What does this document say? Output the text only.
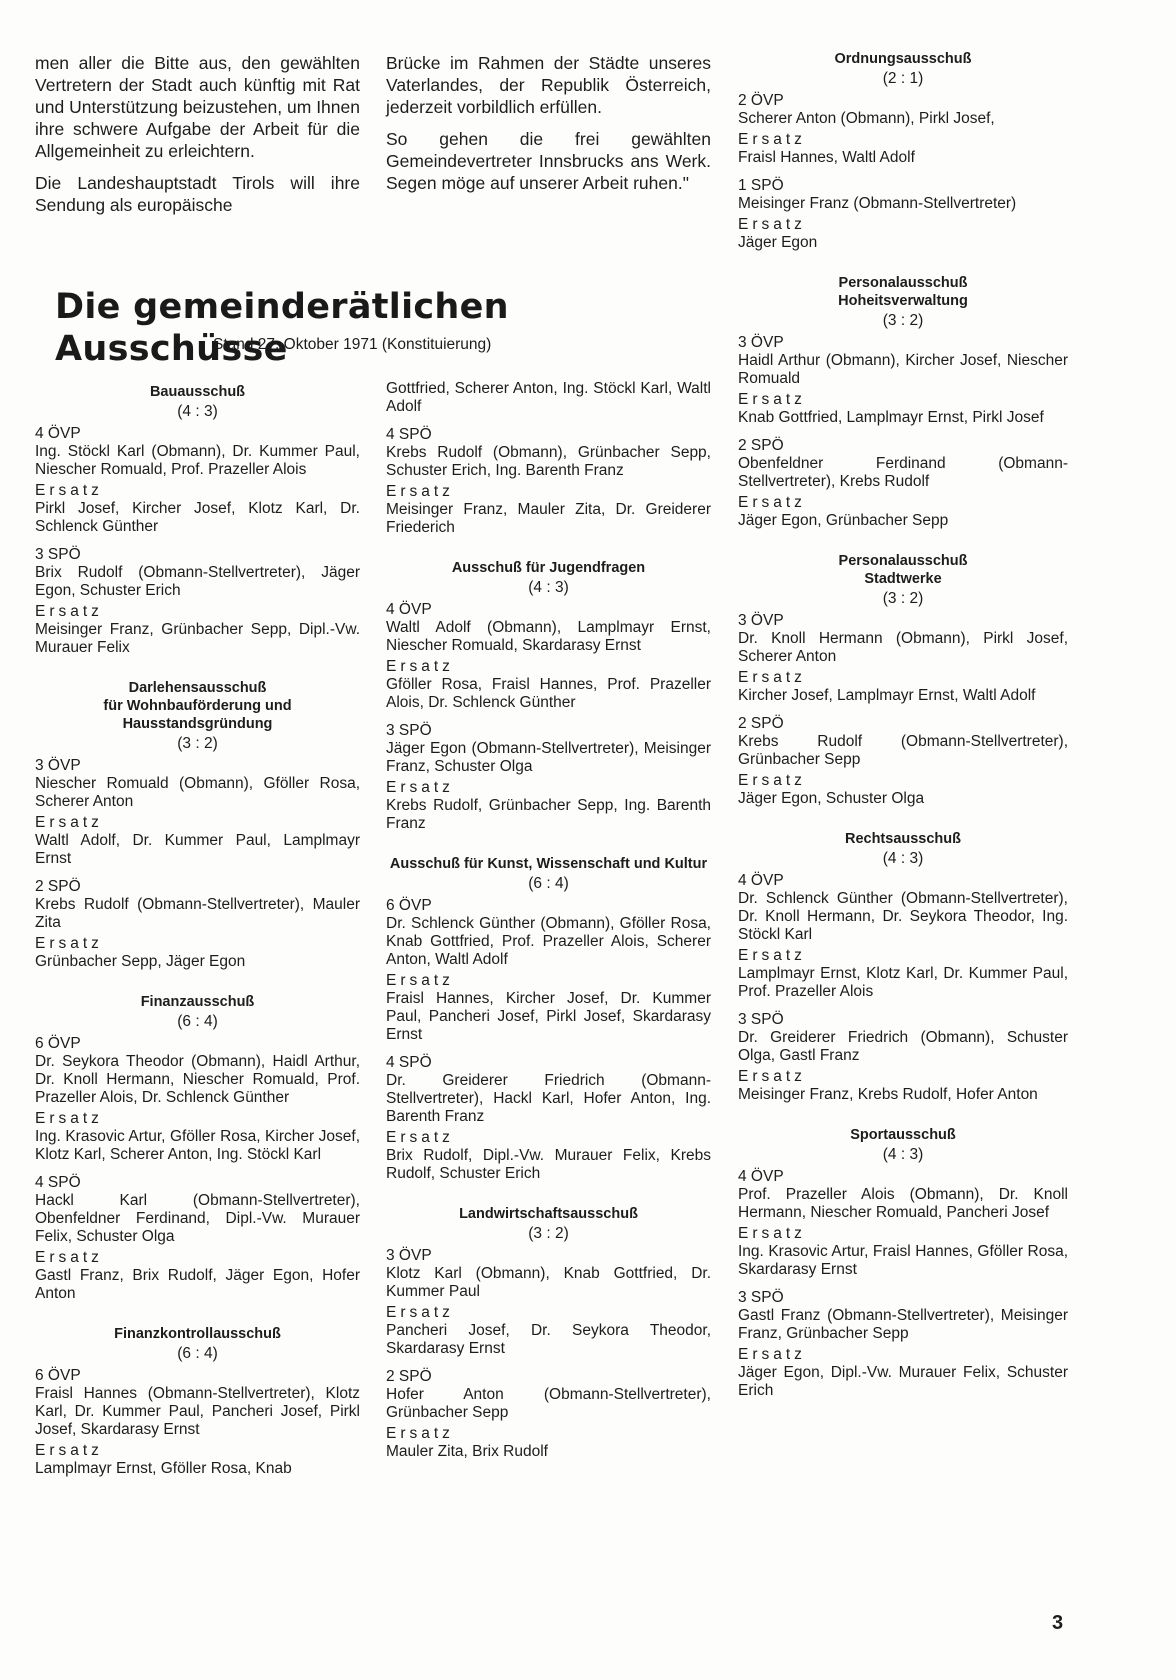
men aller die Bitte aus, den gewählten Vertretern der Stadt auch künftig mit Rat und Unterstützung beizustehen, um Ihnen ihre schwere Aufgabe der Arbeit für die Allgemeinheit zu erleichtern.

Die Landeshauptstadt Tirols will ihre Sendung als europäische

Brücke im Rahmen der Städte unseres Vaterlandes, der Republik Österreich, jederzeit vorbildlich erfüllen.

So gehen die frei gewählten Gemeindevertreter Innsbrucks ans Werk. Segen möge auf unserer Arbeit ruhen."

Die gemeinderätlichen Ausschüsse
Stand 27. Oktober 1971 (Konstituierung)
Bauausschuß
(4 : 3)
4 ÖVP
Ing. Stöckl Karl (Obmann), Dr. Kummer Paul, Niescher Romuald, Prof. Prazeller Alois
Ersatz
Pirkl Josef, Kircher Josef, Klotz Karl, Dr. Schlenck Günther
3 SPÖ
Brix Rudolf (Obmann-Stellvertreter), Jäger Egon, Schuster Erich
Ersatz
Meisinger Franz, Grünbacher Sepp, Dipl.-Vw. Murauer Felix
Darlehensausschuß
für Wohnbauförderung und Hausstandsgründung
(3 : 2)
3 ÖVP
Niescher Romuald (Obmann), Gföller Rosa, Scherer Anton
Ersatz
Waltl Adolf, Dr. Kummer Paul, Lamplmayr Ernst
2 SPÖ
Krebs Rudolf (Obmann-Stellvertreter), Mauler Zita
Ersatz
Grünbacher Sepp, Jäger Egon
Finanzausschuß
(6 : 4)
6 ÖVP
Dr. Seykora Theodor (Obmann), Haidl Arthur, Dr. Knoll Hermann, Niescher Romuald, Prof. Prazeller Alois, Dr. Schlenck Günther
Ersatz
Ing. Krasovic Artur, Gföller Rosa, Kircher Josef, Klotz Karl, Scherer Anton, Ing. Stöckl Karl
4 SPÖ
Hackl Karl (Obmann-Stellvertreter), Obenfeldner Ferdinand, Dipl.-Vw. Murauer Felix, Schuster Olga
Ersatz
Gastl Franz, Brix Rudolf, Jäger Egon, Hofer Anton
Finanzkontrollausschuß
(6 : 4)
6 ÖVP
Fraisl Hannes (Obmann-Stellvertreter), Klotz Karl, Dr. Kummer Paul, Pancheri Josef, Pirkl Josef, Skardarasy Ernst
Ersatz
Lamplmayr Ernst, Gföller Rosa, Knab
Gottfried, Scherer Anton, Ing. Stöckl Karl, Waltl Adolf
4 SPÖ
Krebs Rudolf (Obmann), Grünbacher Sepp, Schuster Erich, Ing. Barenth Franz
Ersatz
Meisinger Franz, Mauler Zita, Dr. Greiderer Friederich
Ausschuß für Jugendfragen
(4 : 3)
4 ÖVP
Waltl Adolf (Obmann), Lamplmayr Ernst, Niescher Romuald, Skardarasy Ernst
Ersatz
Gföller Rosa, Fraisl Hannes, Prof. Prazeller Alois, Dr. Schlenck Günther
3 SPÖ
Jäger Egon (Obmann-Stellvertreter), Meisinger Franz, Schuster Olga
Ersatz
Krebs Rudolf, Grünbacher Sepp, Ing. Barenth Franz
Ausschuß für Kunst, Wissenschaft und Kultur
(6 : 4)
6 ÖVP
Dr. Schlenck Günther (Obmann), Gföller Rosa, Knab Gottfried, Prof. Prazeller Alois, Scherer Anton, Waltl Adolf
Ersatz
Fraisl Hannes, Kircher Josef, Dr. Kummer Paul, Pancheri Josef, Pirkl Josef, Skardarasy Ernst
4 SPÖ
Dr. Greiderer Friedrich (Obmann-Stellvertreter), Hackl Karl, Hofer Anton, Ing. Barenth Franz
Ersatz
Brix Rudolf, Dipl.-Vw. Murauer Felix, Krebs Rudolf, Schuster Erich
Landwirtschaftsausschuß
(3 : 2)
3 ÖVP
Klotz Karl (Obmann), Knab Gottfried, Dr. Kummer Paul
Ersatz
Pancheri Josef, Dr. Seykora Theodor, Skardarasy Ernst
2 SPÖ
Hofer Anton (Obmann-Stellvertreter), Grünbacher Sepp
Ersatz
Mauler Zita, Brix Rudolf
Ordnungsausschuß
(2 : 1)
2 ÖVP
Scherer Anton (Obmann), Pirkl Josef,
Ersatz
Fraisl Hannes, Waltl Adolf
1 SPÖ
Meisinger Franz (Obmann-Stellvertreter)
Ersatz
Jäger Egon
Personalausschuß
Hoheitsverwaltung
(3 : 2)
3 ÖVP
Haidl Arthur (Obmann), Kircher Josef, Niescher Romuald
Ersatz
Knab Gottfried, Lamplmayr Ernst, Pirkl Josef
2 SPÖ
Obenfeldner Ferdinand (Obmann-Stellvertreter), Krebs Rudolf
Ersatz
Jäger Egon, Grünbacher Sepp
Personalausschuß
Stadtwerke
(3 : 2)
3 ÖVP
Dr. Knoll Hermann (Obmann), Pirkl Josef, Scherer Anton
Ersatz
Kircher Josef, Lamplmayr Ernst, Waltl Adolf
2 SPÖ
Krebs Rudolf (Obmann-Stellvertreter), Grünbacher Sepp
Ersatz
Jäger Egon, Schuster Olga
Rechtsausschuß
(4 : 3)
4 ÖVP
Dr. Schlenck Günther (Obmann-Stellvertreter), Dr. Knoll Hermann, Dr. Seykora Theodor, Ing. Stöckl Karl
Ersatz
Lamplmayr Ernst, Klotz Karl, Dr. Kummer Paul, Prof. Prazeller Alois
3 SPÖ
Dr. Greiderer Friedrich (Obmann), Schuster Olga, Gastl Franz
Ersatz
Meisinger Franz, Krebs Rudolf, Hofer Anton
Sportausschuß
(4 : 3)
4 ÖVP
Prof. Prazeller Alois (Obmann), Dr. Knoll Hermann, Niescher Romuald, Pancheri Josef
Ersatz
Ing. Krasovic Artur, Fraisl Hannes, Gföller Rosa, Skardarasy Ernst
3 SPÖ
Gastl Franz (Obmann-Stellvertreter), Meisinger Franz, Grünbacher Sepp
Ersatz
Jäger Egon, Dipl.-Vw. Murauer Felix, Schuster Erich
3
